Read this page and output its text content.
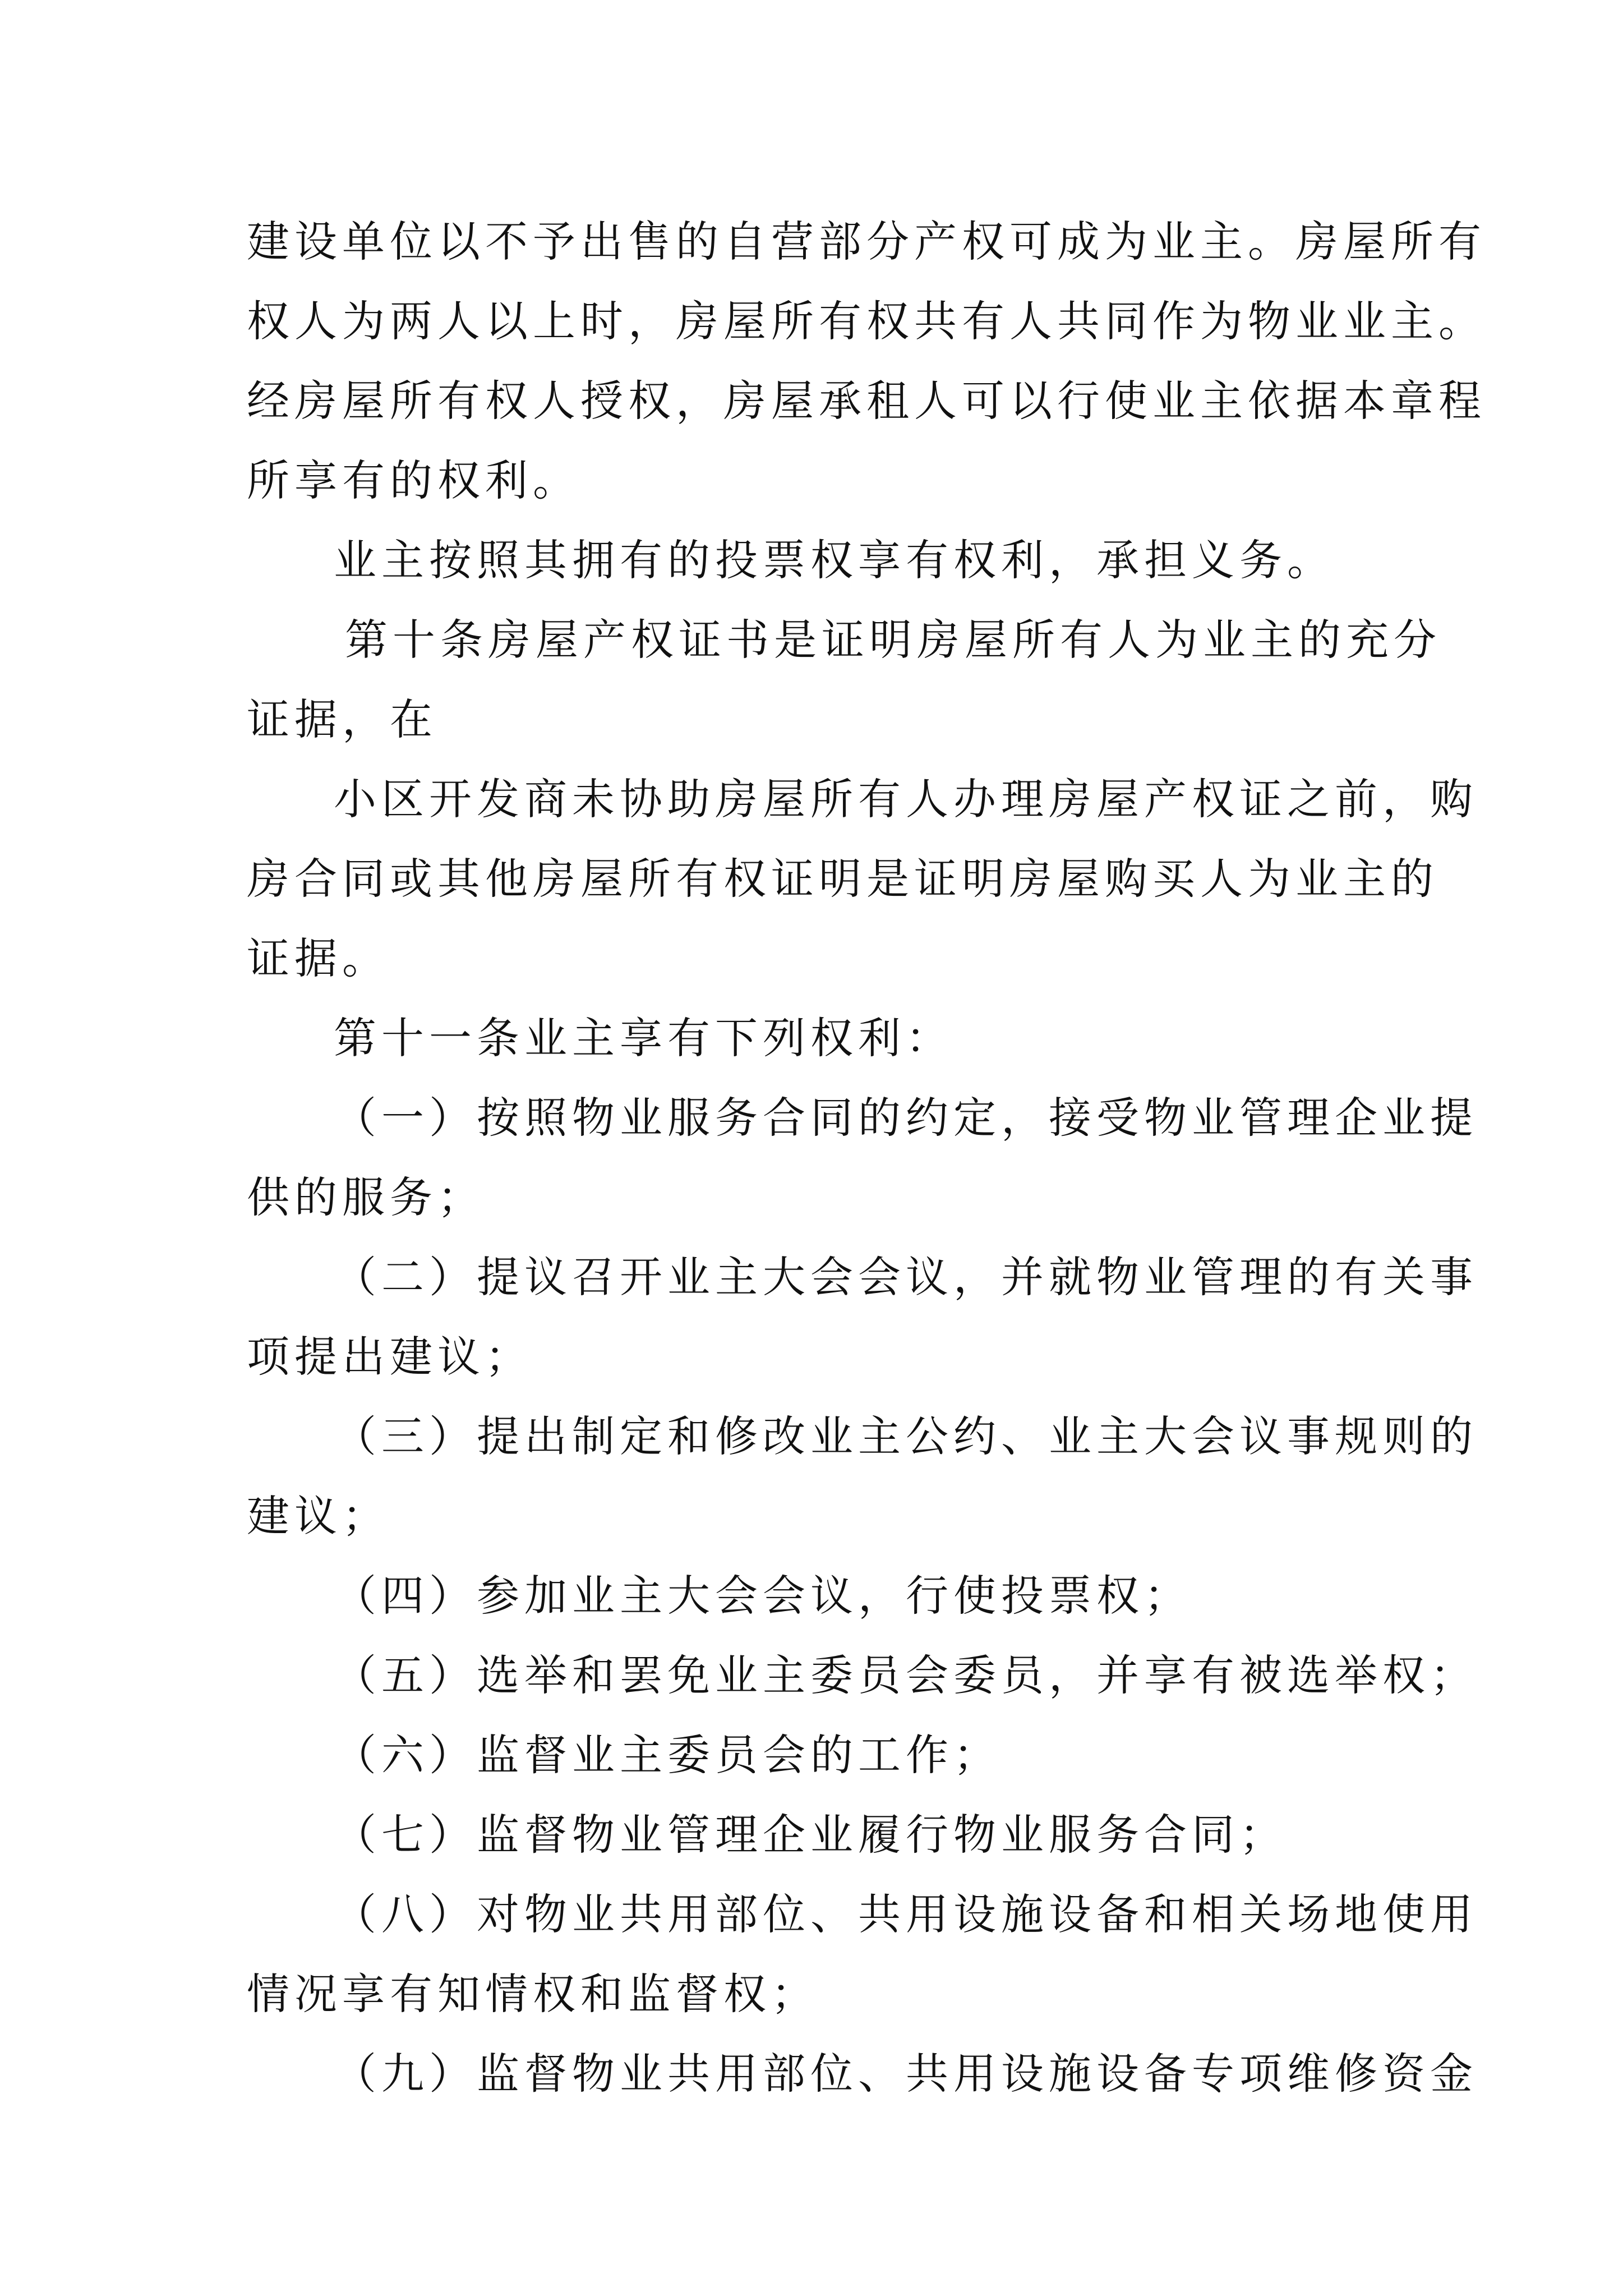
建设单位以不予出售的自营部分产权可成为业主。房屋所有
权人为两人以上时，房屋所有权共有人共同作为物业业主。
经房屋所有权人授权，房屋承租人可以行使业主依据本章程
所享有的权利。
业主按照其拥有的投票权享有权利，承担义务。
第十条房屋产权证书是证明房屋所有人为业主的充分
证据，在
小区开发商未协助房屋所有人办理房屋产权证之前，购
房合同或其他房屋所有权证明是证明房屋购买人为业主的
证据。
第十一条业主享有下列权利：
（一）按照物业服务合同的约定，接受物业管理企业提
供的服务；
（二）提议召开业主大会会议，并就物业管理的有关事
项提出建议；
（三）提出制定和修改业主公约、业主大会议事规则的
建议；
（四）参加业主大会会议，行使投票权；
（五）选举和罢免业主委员会委员，并享有被选举权；
（六）监督业主委员会的工作；
（七）监督物业管理企业履行物业服务合同；
（八）对物业共用部位、共用设施设备和相关场地使用
情况享有知情权和监督权；
（九）监督物业共用部位、共用设施设备专项维修资金
